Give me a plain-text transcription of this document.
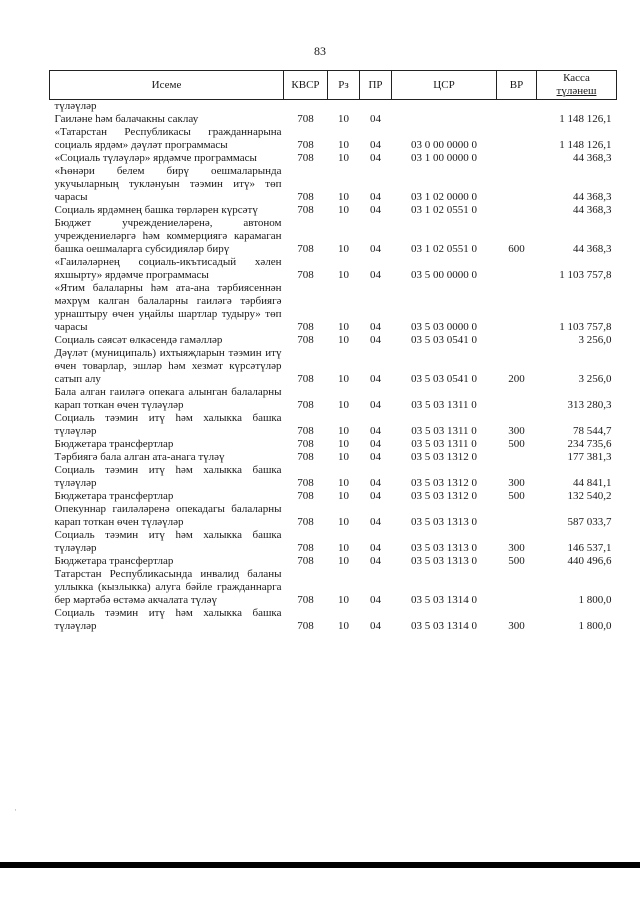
83
Исеме	КВСР	Рз	ПР	ЦСР	ВР	Касса
түләнеш

түләүләр						
Гаиләне һәм балачакны саклау	708	10	04			1 148 126,1
«Татарстан Республикасы гражданнарына социаль ярдәм» дәүләт программасы	708	10	04	03 0 00 0000 0		1 148 126,1
«Социаль түләүләр» ярдәмче программасы	708	10	04	03 1 00 0000 0		44 368,3
«Һөнәри белем бирү оешмаларында укучыларның тукләнуын тәэмин итү» төп чарасы	708	10	04	03 1 02 0000 0		44 368,3
Социаль ярдәмнең башка төрләрен күрсәтү	708	10	04	03 1 02 0551 0		44 368,3
Бюджет учреждениеләренә, автоном учреждениеләргә һәм коммерциягә карамаган башка оешмаларга субсидияләр бирү	708	10	04	03 1 02 0551 0	600	44 368,3
«Гаиләләрнең социаль-икътисадый хәлен яхшырту» ярдәмче программасы	708	10	04	03 5 00 0000 0		1 103 757,8
«Ятим балаларны һәм ата-ана тәрбиясеннән мәхрүм калган балаларны гаиләгә тәрбиягә урнаштыру өчен уңайлы шартлар тудыру» төп чарасы	708	10	04	03 5 03 0000 0		1 103 757,8
Социаль сәясәт өлкәсендә гамәлләр	708	10	04	03 5 03 0541 0		3 256,0
Дәүләт (муниципаль) ихтыяҗларын тәэмин итү өчен товарлар, эшләр һәм хезмәт күрсәтүләр сатып алу	708	10	04	03 5 03 0541 0	200	3 256,0
Бала алган гаиләгә опекага алынган балаларны карап тоткан өчен түләүләр	708	10	04	03 5 03 1311 0		313 280,3
Социаль тәэмин итү һәм халыкка башка түләүләр	708	10	04	03 5 03 1311 0	300	78 544,7
Бюджетара трансфертлар	708	10	04	03 5 03 1311 0	500	234 735,6
Тәрбиягә бала алган ата-анага түләү	708	10	04	03 5 03 1312 0		177 381,3
Социаль тәэмин итү һәм халыкка башка түләүләр	708	10	04	03 5 03 1312 0	300	44 841,1
Бюджетара трансфертлар	708	10	04	03 5 03 1312 0	500	132 540,2
Опекуннар гаиләләренә опекадагы балаларны карап тоткан өчен түләүләр	708	10	04	03 5 03 1313 0		587 033,7
Социаль тәэмин итү һәм халыкка башка түләүләр	708	10	04	03 5 03 1313 0	300	146 537,1
Бюджетара трансфертлар	708	10	04	03 5 03 1313 0	500	440 496,6
Татарстан Республикасында инвалид баланы уллыкка (кызлыкка) алуга бәйле гражданнарга бер мәртәбә өстәмә акчалата түләү	708	10	04	03 5 03 1314 0		1 800,0
Социаль тәэмин итү һәм халыкка башка түләүләр	708	10	04	03 5 03 1314 0	300	1 800,0
·
